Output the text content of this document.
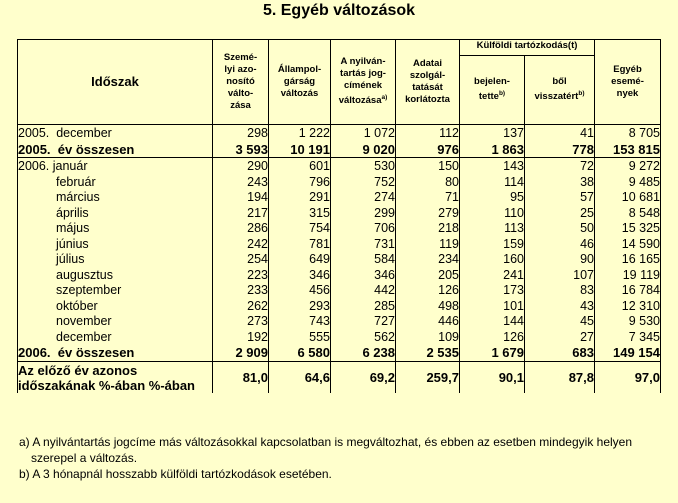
5. Egyéb változások
Időszak	Szemé-
lyi azo-
nosító
válto-
zása	Állampol-
gárság
változás	A nyilván-
tartás jog-
címének
változása$^{a)}$	Adatai
szolgál-
tatását
korlátozta	Külföldi tartózkodás(t)		Egyéb
esemé-
nyek
					bejelen-
tette$^{b)}$	ből
visszatért$^{b)}$
2005.  december	298	1 222	1 072	112	137	41	8 705
2005.  év összesen	3 593	10 191	9 020	976	1 863	778	153 815
2006. január	290	601	530	150	143	72	9 272
február	243	796	752	80	114	38	9 485
március	194	291	274	71	95	57	10 681
április	217	315	299	279	110	25	8 548
május	286	754	706	218	113	50	15 325
június	242	781	731	119	159	46	14 590
július	254	649	584	234	160	90	16 165
augusztus	223	346	346	205	241	107	19 119
szeptember	233	456	442	126	173	83	16 784
október	262	293	285	498	101	43	12 310
november	273	743	727	446	144	45	9 530
december	192	555	562	109	126	27	7 345
2006.  év összesen	2 909	6 580	6 238	2 535	1 679	683	149 154
Az előző év azonos
időszakának %-ában %-ában	81,0	64,6	69,2	259,7	90,1	87,8	97,0
a) A nyilvántartás jogcíme más változásokkal kapcsolatban is megváltozhat, és ebben az esetben mindegyik helyen szerepel a változás.
b) A 3 hónapnál hosszabb külföldi tartózkodások esetében.
